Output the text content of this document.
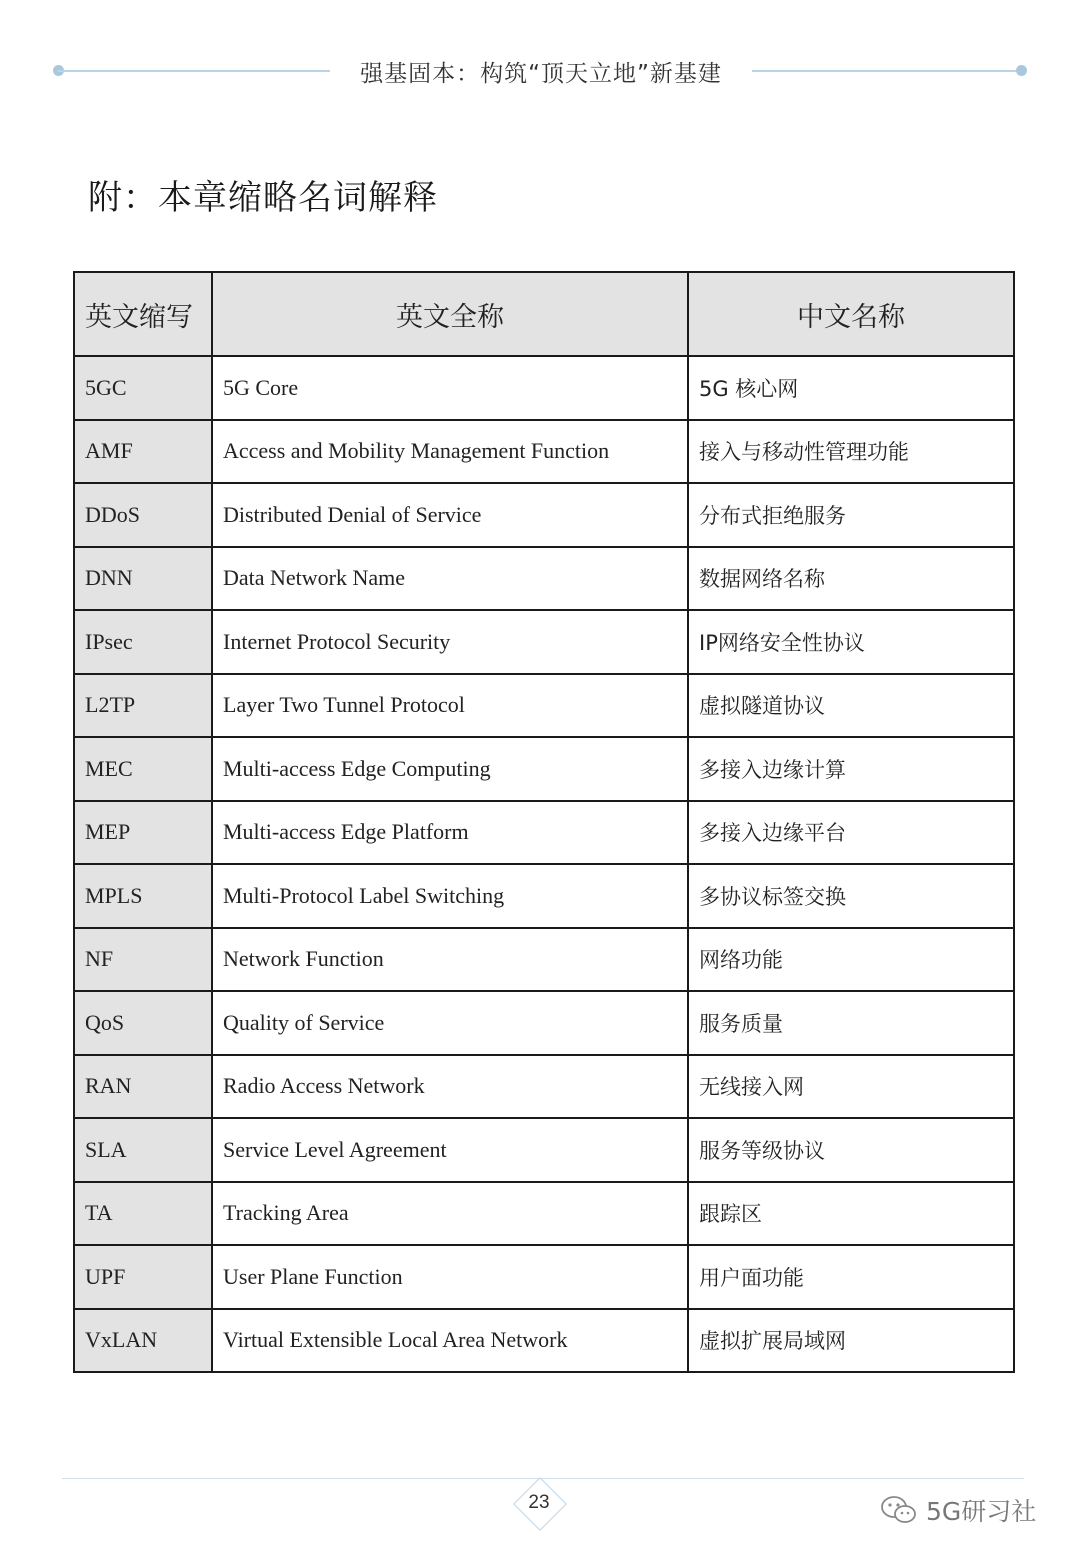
强基固本：构筑“顶天立地”新基建
附：本章缩略名词解释
英文缩写	英文全称	中文名称
5GC	5G Core	5G 核心网
AMF	Access and Mobility Management Function	接入与移动性管理功能
DDoS	Distributed Denial of Service	分布式拒绝服务
DNN	Data Network Name	数据网络名称
IPsec	Internet Protocol Security	IP网络安全性协议
L2TP	Layer Two Tunnel Protocol	虚拟隧道协议
MEC	Multi-access Edge Computing	多接入边缘计算
MEP	Multi-access Edge Platform	多接入边缘平台
MPLS	Multi-Protocol Label Switching	多协议标签交换
NF	Network Function	网络功能
QoS	Quality of Service	服务质量
RAN	Radio Access Network	无线接入网
SLA	Service Level Agreement	服务等级协议
TA	Tracking Area	跟踪区
UPF	User Plane Function	用户面功能
VxLAN	Virtual Extensible Local Area Network	虚拟扩展局域网
23	5G研习社
